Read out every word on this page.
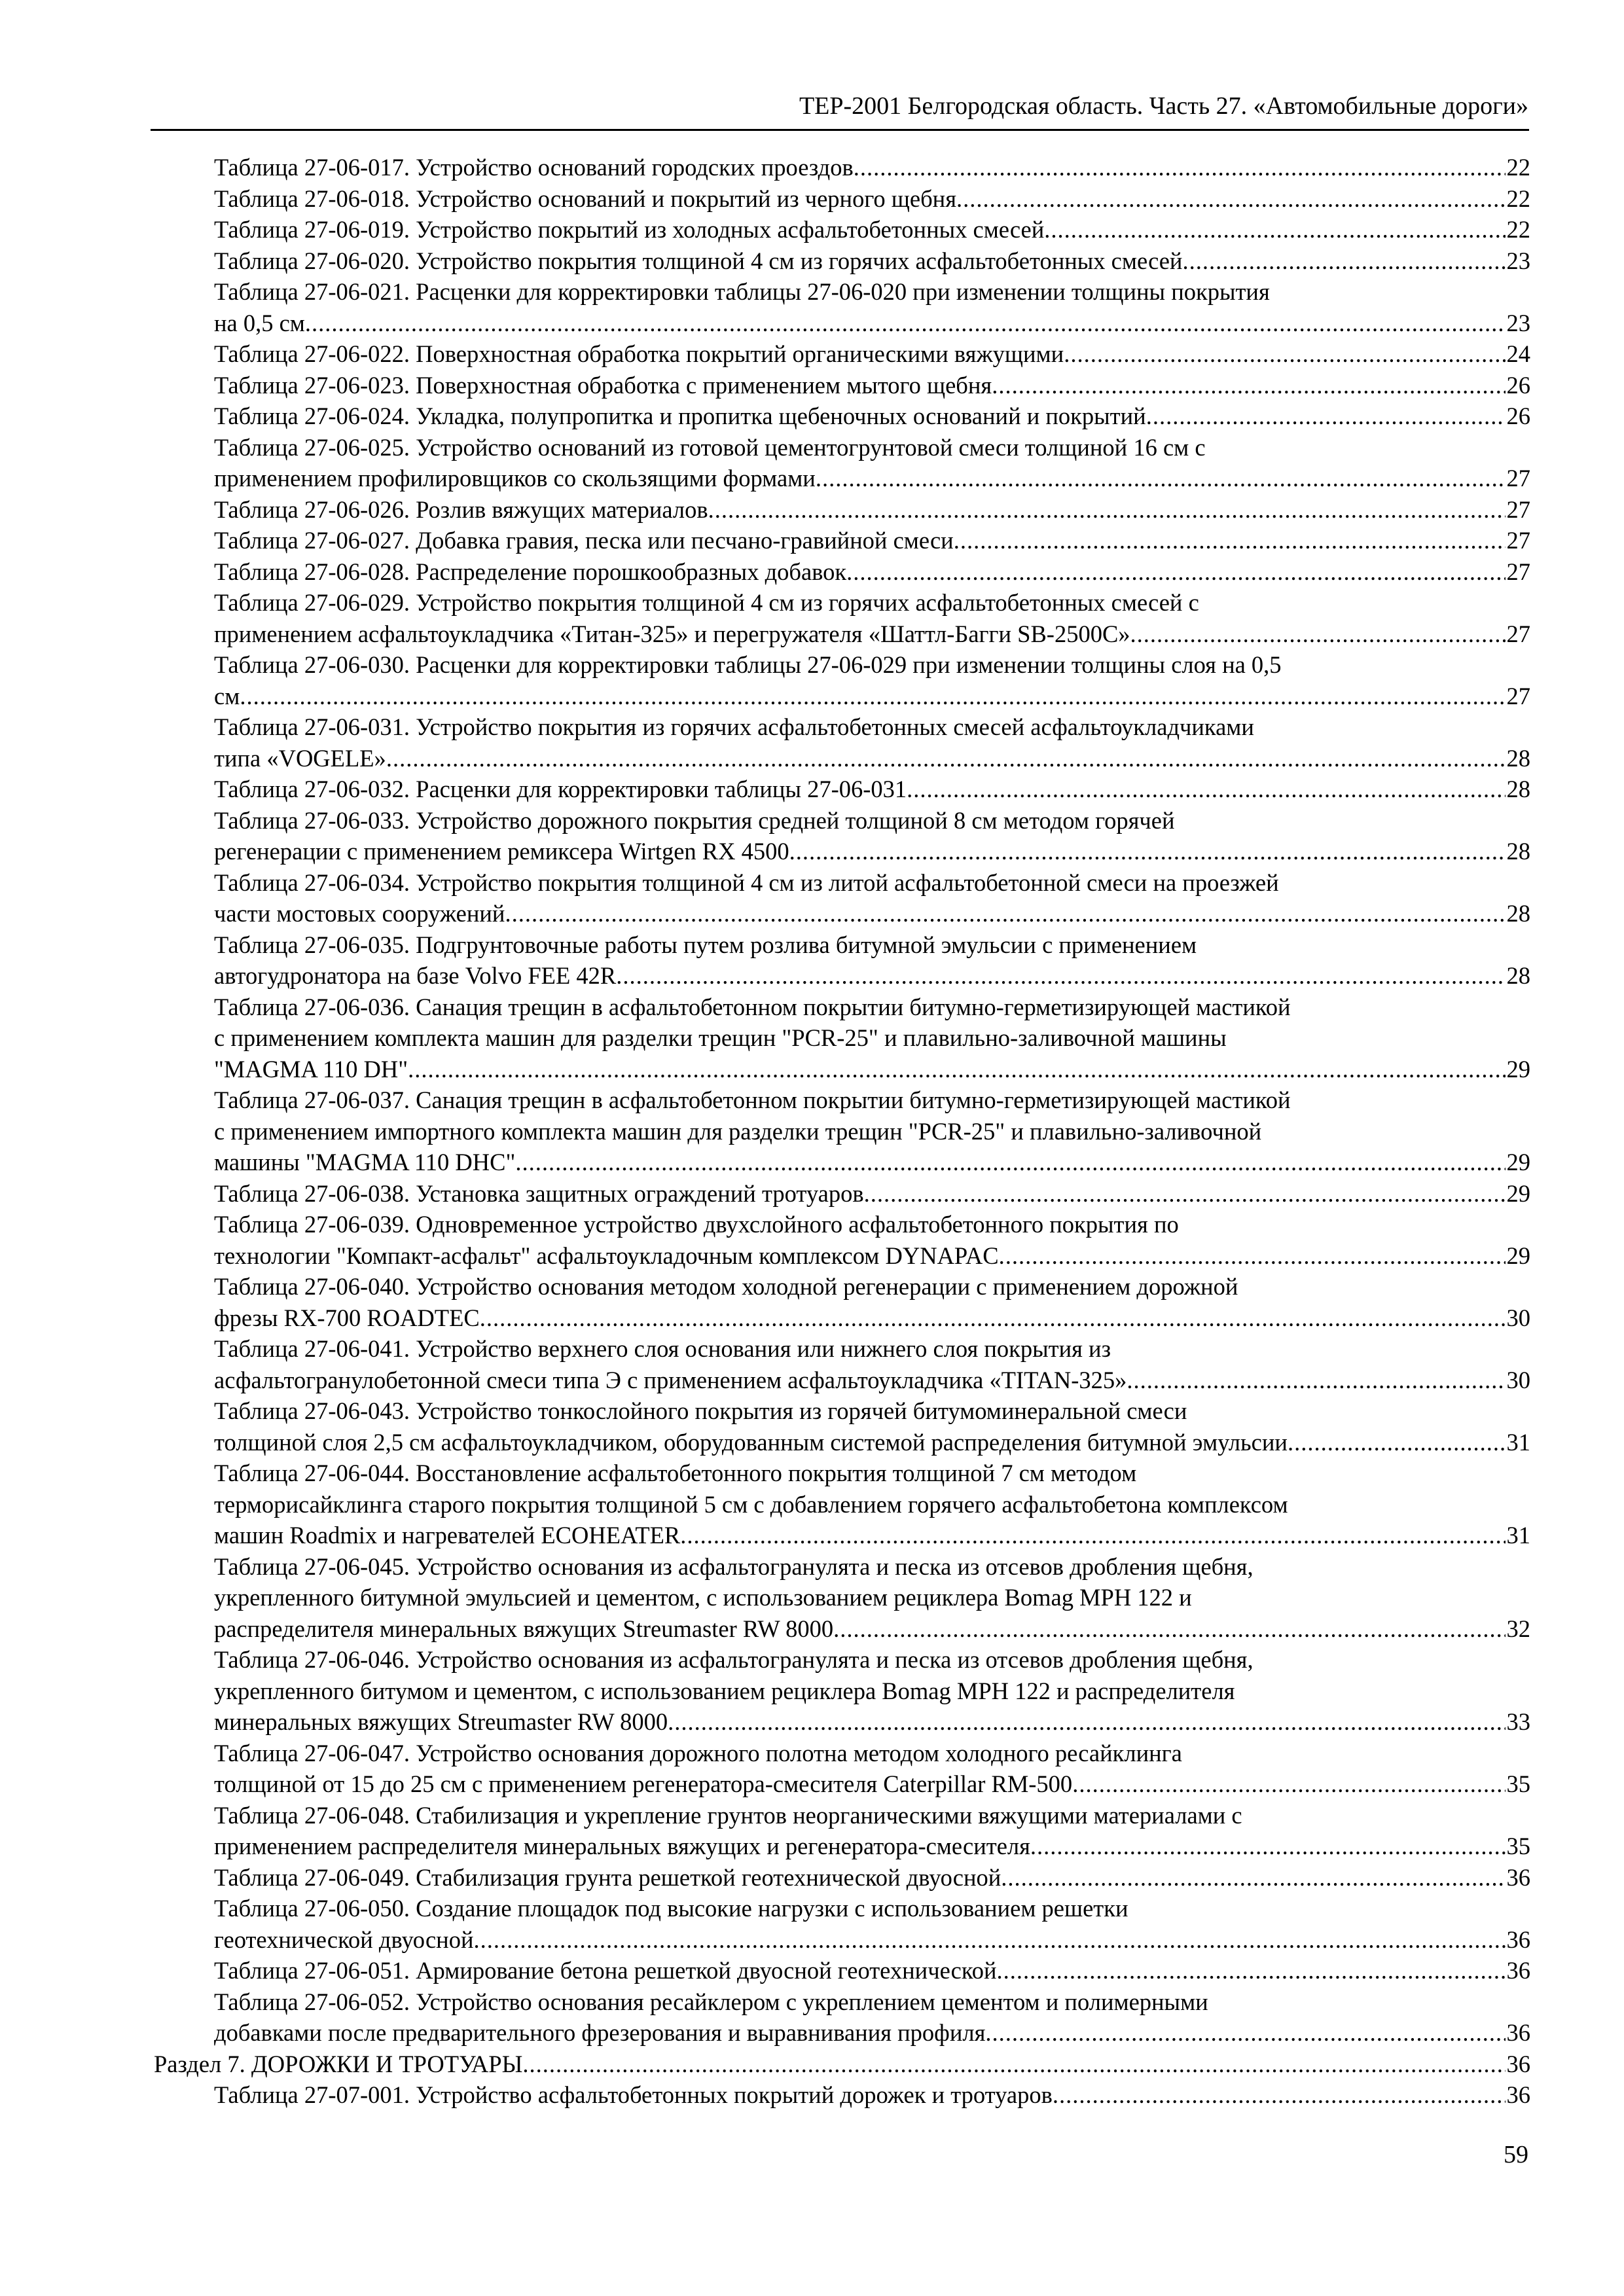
ТЕР-2001 Белгородская область. Часть 27. «Автомобильные дороги»
Таблица 27-06-017. Устройство оснований городских проездов .....	22
Таблица 27-06-018. Устройство оснований и покрытий из черного щебня .....	22
Таблица 27-06-019. Устройство покрытий из холодных асфальтобетонных смесей .....	22
Таблица 27-06-020. Устройство покрытия толщиной 4 см из горячих асфальтобетонных смесей .....	23
Таблица 27-06-021. Расценки для корректировки таблицы 27-06-020 при изменении толщины покрытия
на 0,5 см .....	23
Таблица 27-06-022. Поверхностная обработка покрытий органическими вяжущими .....	24
Таблица 27-06-023. Поверхностная обработка с применением мытого щебня .....	26
Таблица 27-06-024. Укладка, полупропитка и пропитка щебеночных оснований и покрытий .....	26
Таблица 27-06-025. Устройство оснований из готовой цементогрунтовой смеси толщиной 16 см с
применением профилировщиков со скользящими формами .....	27
Таблица 27-06-026. Розлив вяжущих материалов .....	27
Таблица 27-06-027. Добавка гравия, песка или песчано-гравийной смеси .....	27
Таблица 27-06-028. Распределение порошкообразных добавок .....	27
Таблица 27-06-029. Устройство покрытия толщиной 4 см из горячих асфальтобетонных смесей с
применением асфальтоукладчика «Титан-325» и перегружателя «Шаттл-Багги SB-2500C» .....	27
Таблица 27-06-030. Расценки для корректировки таблицы 27-06-029 при изменении толщины слоя на 0,5
см .....	27
Таблица 27-06-031. Устройство покрытия из горячих асфальтобетонных смесей асфальтоукладчиками
типа «VOGELE» .....	28
Таблица 27-06-032. Расценки для корректировки таблицы 27-06-031 .....	28
Таблица 27-06-033. Устройство дорожного покрытия средней толщиной 8 см методом горячей
регенерации с применением ремиксера Wirtgen RX 4500 .....	28
Таблица 27-06-034. Устройство покрытия толщиной 4 см из литой асфальтобетонной смеси на проезжей
части мостовых сооружений .....	28
Таблица 27-06-035. Подгрунтовочные работы путем розлива битумной эмульсии с применением
автогудронатора на базе Volvo FEE 42R .....	28
Таблица 27-06-036. Санация трещин в асфальтобетонном покрытии битумно-герметизирующей мастикой
с применением комплекта машин для разделки трещин "PCR-25" и плавильно-заливочной машины
"MAGMA 110 DH" .....	29
Таблица 27-06-037. Санация трещин в асфальтобетонном покрытии битумно-герметизирующей мастикой
с применением импортного комплекта машин для разделки трещин "PCR-25" и плавильно-заливочной
машины "MAGMA 110 DHC" .....	29
Таблица 27-06-038. Установка защитных ограждений тротуаров .....	29
Таблица 27-06-039. Одновременное устройство двухслойного асфальтобетонного покрытия по
технологии "Компакт-асфальт" асфальтоукладочным комплексом DYNAPAC .....	29
Таблица 27-06-040. Устройство основания методом холодной регенерации с применением дорожной
фрезы RX-700 ROADTEC .....	30
Таблица 27-06-041. Устройство верхнего слоя основания или нижнего слоя покрытия из
асфальтогранулобетонной смеси типа Э с применением асфальтоукладчика «TITAN-325» .....	30
Таблица 27-06-043. Устройство тонкослойного покрытия из горячей битумоминеральной смеси
толщиной слоя 2,5 см асфальтоукладчиком, оборудованным системой распределения битумной эмульсии .....	31
Таблица 27-06-044. Восстановление асфальтобетонного покрытия толщиной 7 см методом
терморисайклинга старого покрытия толщиной 5 см с добавлением горячего асфальтобетона комплексом
машин Roadmix и нагревателей ECOHEATER .....	31
Таблица 27-06-045. Устройство основания из асфальтогранулята и песка из отсевов дробления щебня,
укрепленного битумной эмульсией и цементом, с использованием рециклера Bomag MPH 122 и
распределителя минеральных вяжущих Streumaster RW 8000 .....	32
Таблица 27-06-046. Устройство основания из асфальтогранулята и песка из отсевов дробления щебня,
укрепленного битумом и цементом, с использованием рециклера Bomag MPH 122 и распределителя
минеральных вяжущих Streumaster RW 8000 .....	33
Таблица 27-06-047. Устройство основания дорожного полотна методом холодного ресайклинга
толщиной от 15 до 25 см с применением регенератора-смесителя Caterpillar RM-500 .....	35
Таблица 27-06-048. Стабилизация и укрепление грунтов неорганическими вяжущими материалами с
применением распределителя минеральных вяжущих и регенератора-смесителя .....	35
Таблица 27-06-049. Стабилизация грунта решеткой геотехнической двуосной .....	36
Таблица 27-06-050. Создание площадок под высокие нагрузки с использованием решетки
геотехнической двуосной .....	36
Таблица 27-06-051. Армирование бетона решеткой двуосной геотехнической .....	36
Таблица 27-06-052. Устройство основания ресайклером с укреплением цементом и полимерными
добавками после предварительного фрезерования и выравнивания профиля .....	36
Раздел 7. ДОРОЖКИ И ТРОТУАРЫ .....	36
Таблица 27-07-001. Устройство асфальтобетонных покрытий дорожек и тротуаров .....	36
59
